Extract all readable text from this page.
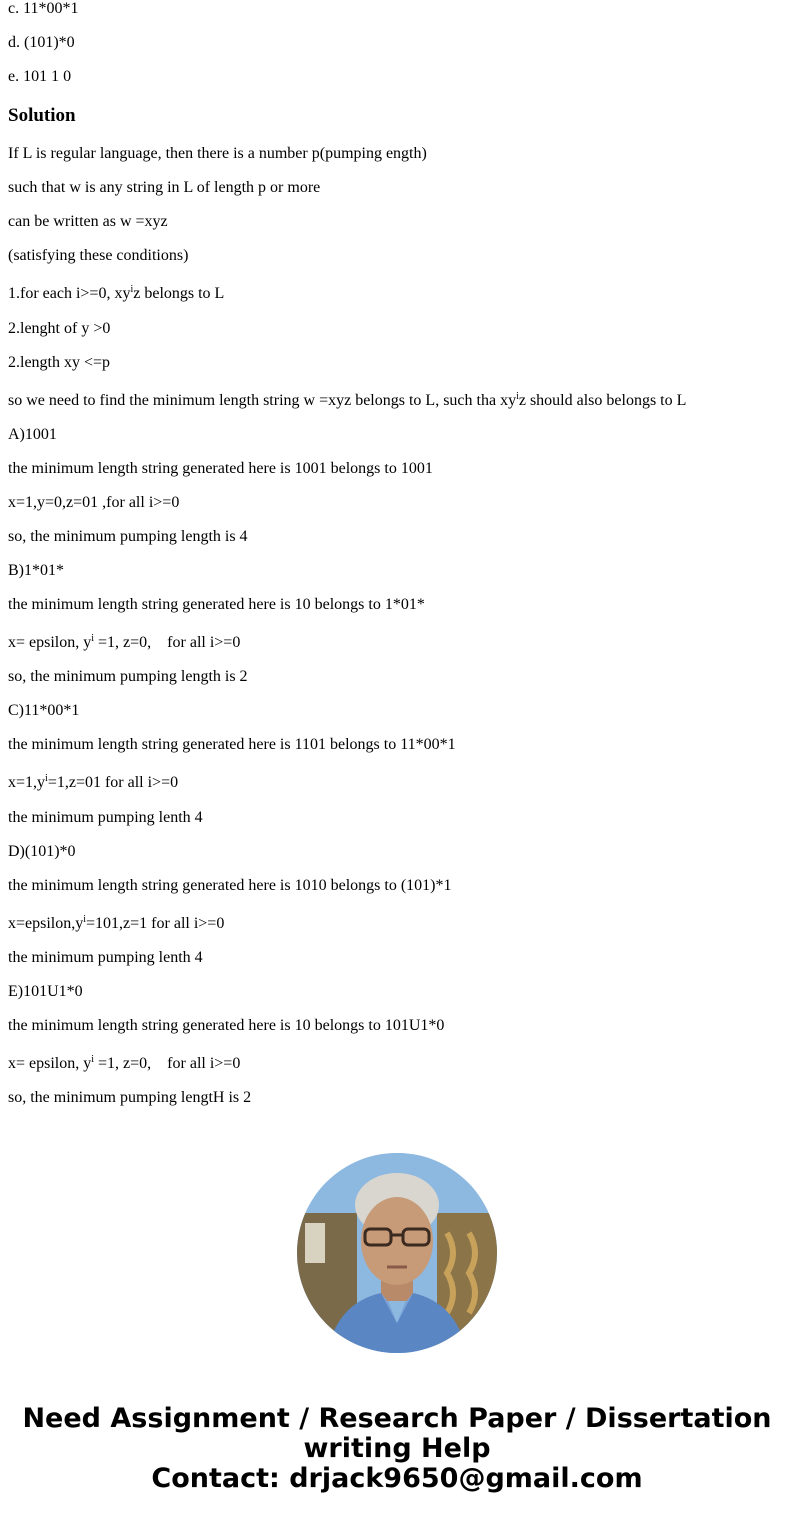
c. 11*00*1
d. (101)*0
e. 101 1 0
Solution
If L is regular language, then there is a number p(pumping ength)
such that w is any string in L of length p or more
can be written as w =xyz
(satisfying these conditions)
1.for each i>=0, $xy^iz$ belongs to L
2.lenght of y >0
2.length xy <=p
so we need to find the minimum length string w =xyz belongs to L, such tha $xy^iz$ should also belongs to L
A)1001
the minimum length string generated here is 1001 belongs to 1001
x=1,y=0,z=01 ,for all i>=0
so, the minimum pumping length is 4
B)1*01*
the minimum length string generated here is 10 belongs to 1*01*
x= epsilon, $y^i =1$, z=0,    for all i>=0
so, the minimum pumping length is 2
C)11*00*1
the minimum length string generated here is 1101 belongs to 11*00*1
$x=1,y^i=1,z=01$ for all i>=0
the minimum pumping lenth 4
D)(101)*0
the minimum length string generated here is 1010 belongs to (101)*1
$x=epsilon,y^i=101,z=1$ for all i>=0
the minimum pumping lenth 4
E)101U1*0
the minimum length string generated here is 10 belongs to 101U1*0
x= epsilon, $y^i =1$, z=0,    for all i>=0
so, the minimum pumping lengtH is 2
Need Assignment / Research Paper / Dissertation
writing Help
Contact: drjack9650@gmail.com
